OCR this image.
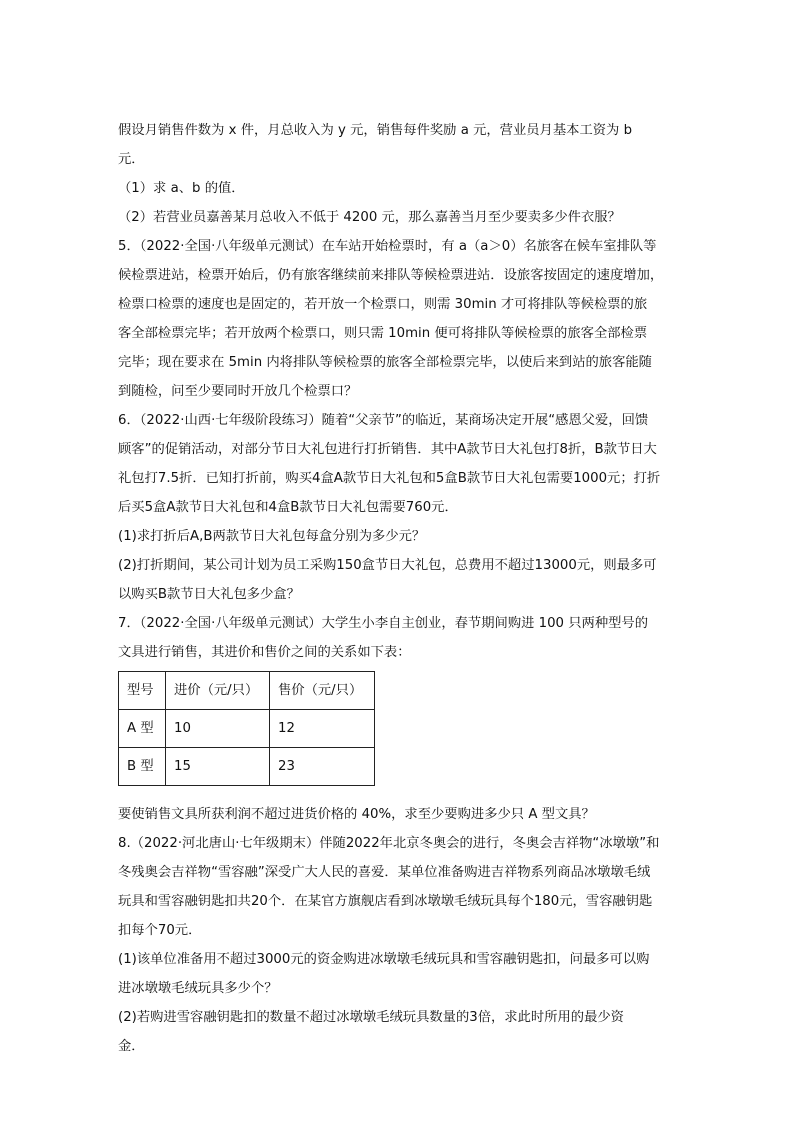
假设月销售件数为 x 件，月总收入为 y 元，销售每件奖励 a 元，营业员月基本工资为 b

元．

（1）求 a、b 的值．

（2）若营业员嘉善某月总收入不低于 4200 元，那么嘉善当月至少要卖多少件衣服？

5．（2022·全国·八年级单元测试）在车站开始检票时，有 a（a＞0）名旅客在候车室排队等

候检票进站，检票开始后，仍有旅客继续前来排队等候检票进站．设旅客按固定的速度增加，

检票口检票的速度也是固定的，若开放一个检票口，则需 30min 才可将排队等候检票的旅

客全部检票完毕；若开放两个检票口，则只需 10min 便可将排队等候检票的旅客全部检票

完毕；现在要求在 5min 内将排队等候检票的旅客全部检票完毕，以使后来到站的旅客能随

到随检，问至少要同时开放几个检票口？

6．（2022·山西·七年级阶段练习）随着“父亲节”的临近，某商场决定开展“感恩父爱，回馈

顾客”的促销活动，对部分节日大礼包进行打折销售．其中A款节日大礼包打8折，B款节日大

礼包打7.5折．已知打折前，购买4盒A款节日大礼包和5盒B款节日大礼包需要1000元；打折

后买5盒A款节日大礼包和4盒B款节日大礼包需要760元．

(1)求打折后A,B两款节日大礼包每盒分别为多少元？

(2)打折期间，某公司计划为员工采购150盒节日大礼包，总费用不超过13000元，则最多可

以购买B款节日大礼包多少盒？

7．（2022·全国·八年级单元测试）大学生小李自主创业，春节期间购进 100 只两种型号的

文具进行销售，其进价和售价之间的关系如下表：

型号	进价（元/只）	售价（元/只）
A 型	10	12
B 型	15	23

要使销售文具所获利润不超过进货价格的 40%，求至少要购进多少只 A 型文具？

8.（2022·河北唐山·七年级期末）伴随2022年北京冬奥会的进行，冬奥会吉祥物“冰墩墩”和

冬残奥会吉祥物“雪容融”深受广大人民的喜爱．某单位准备购进吉祥物系列商品冰墩墩毛绒

玩具和雪容融钥匙扣共20个．在某官方旗舰店看到冰墩墩毛绒玩具每个180元，雪容融钥匙

扣每个70元．

(1)该单位准备用不超过3000元的资金购进冰墩墩毛绒玩具和雪容融钥匙扣，问最多可以购

进冰墩墩毛绒玩具多少个？

(2)若购进雪容融钥匙扣的数量不超过冰墩墩毛绒玩具数量的3倍，求此时所用的最少资

金．
